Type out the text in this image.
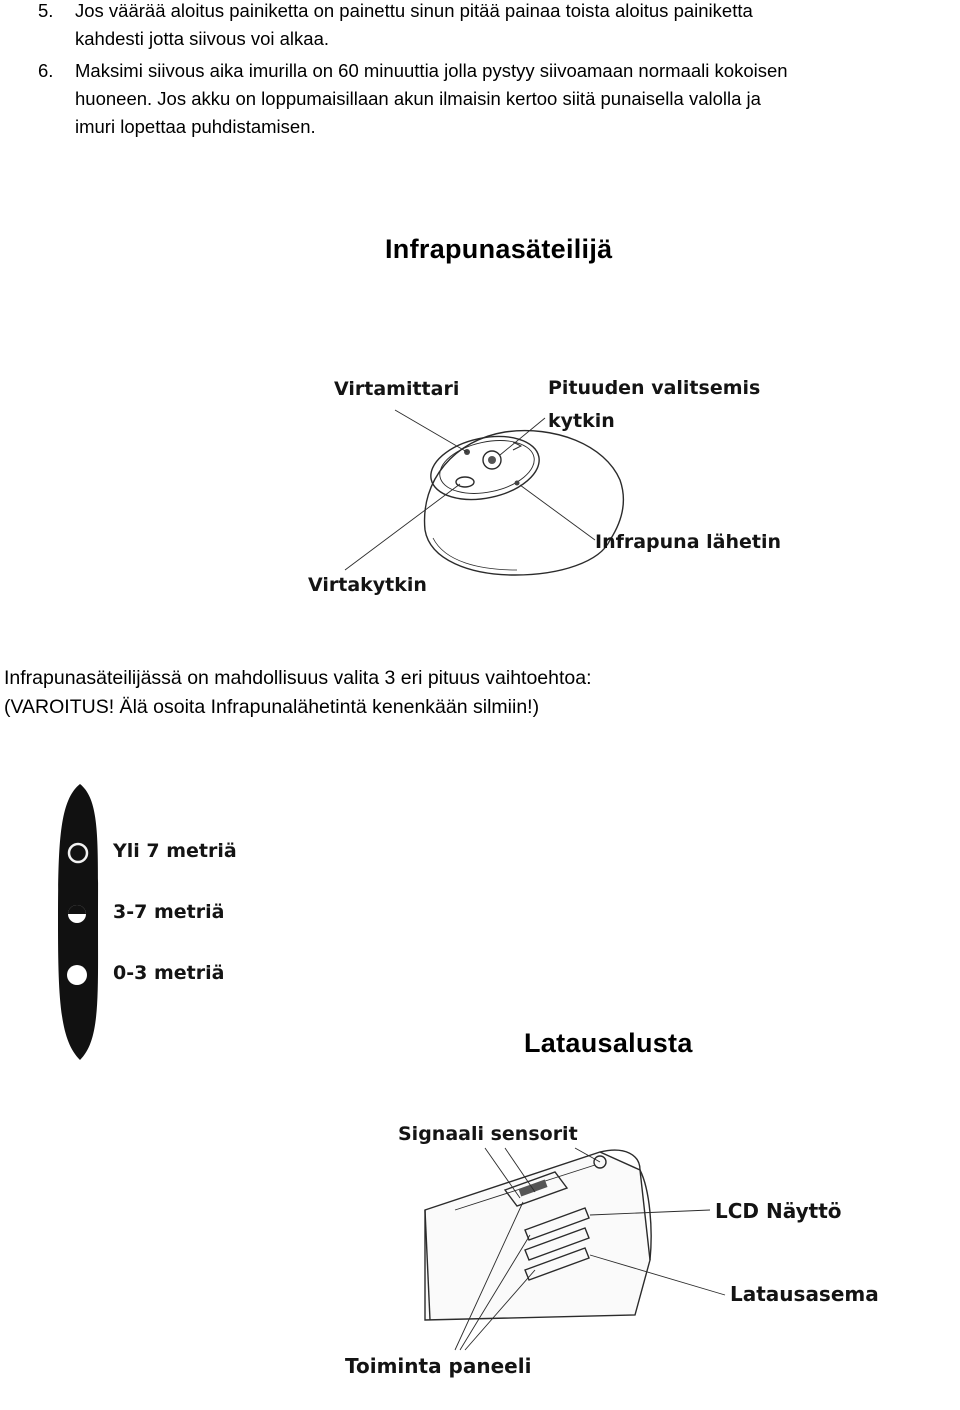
5. Jos väärää aloitus painiketta on painettu sinun pitää painaa toista aloitus painiketta
kahdesti jotta siivous voi alkaa.
6. Maksimi siivous aika imurilla on 60 minuuttia jolla pystyy siivoamaan normaali kokoisen
huoneen. Jos akku on loppumaisillaan akun ilmaisin kertoo siitä punaisella valolla ja
imuri lopettaa puhdistamisen.
Infrapunasäteilijä
Virtamittari	Pituuden valitsemis
kytkin
Infrapuna lähetin
Virtakytkin
Infrapunasäteilijässä on mahdollisuus valita 3 eri pituus vaihtoehtoa:
(VAROITUS! Älä osoita Infrapunalähetintä kenenkään silmiin!)
Yli 7 metriä
3-7 metriä
0-3 metriä
Latausalusta
Signaali sensorit
LCD Näyttö
Latausasema
Toiminta paneeli
